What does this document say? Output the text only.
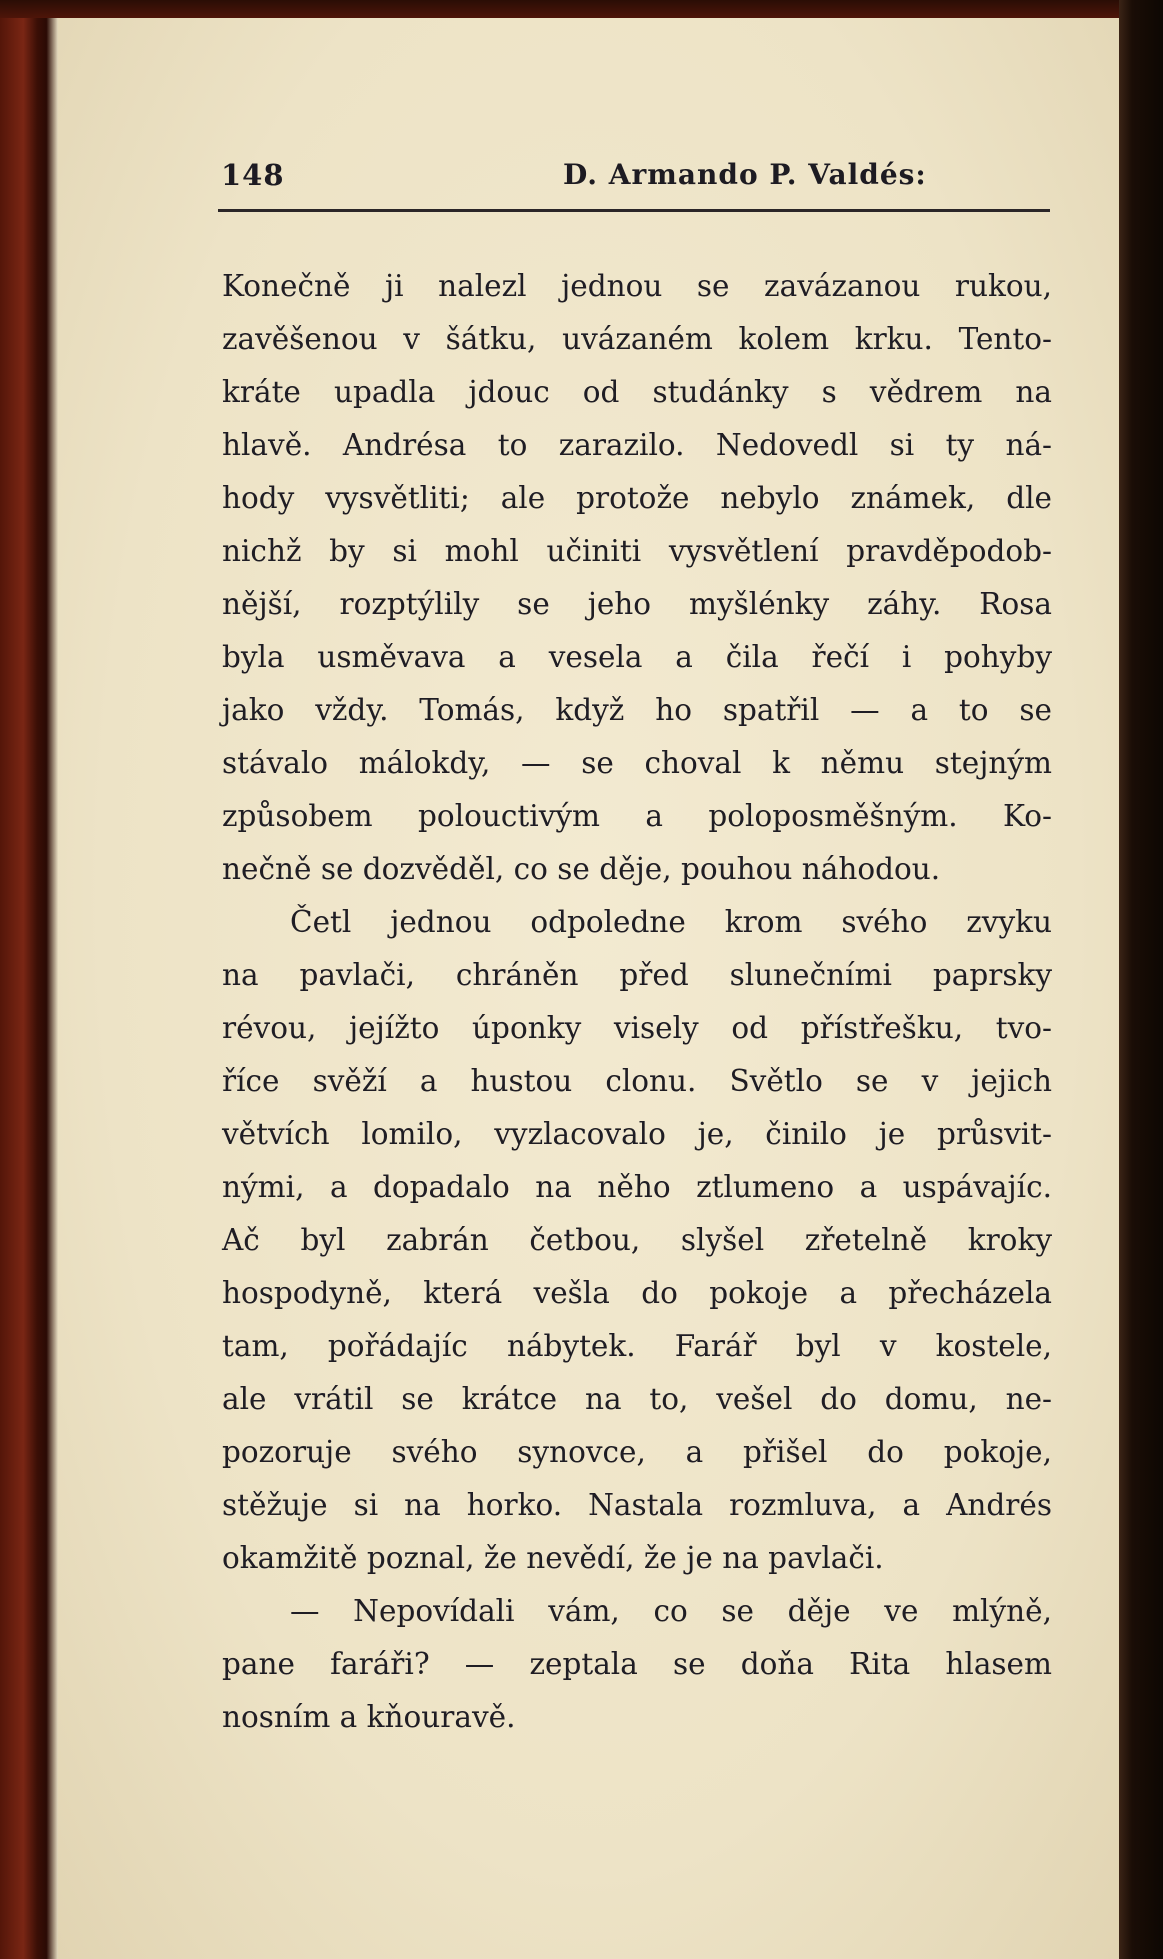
148	D. Armando P. Valdés:
Konečně ji nalezl jednou se zavázanou rukou,
zavěšenou v šátku, uvázaném kolem krku. Tento-
kráte upadla jdouc od studánky s vědrem na
hlavě. Andrésa to zarazilo. Nedovedl si ty ná-
hody vysvětliti; ale protože nebylo známek, dle
nichž by si mohl učiniti vysvětlení pravděpodob-
nější, rozptýlily se jeho myšlénky záhy. Rosa
byla usměvava a vesela a čila řečí i pohyby
jako vždy. Tomás, když ho spatřil — a to se
stávalo málokdy, — se choval k němu stejným
způsobem polouctivým a poloposměšným. Ko-
nečně se dozvěděl, co se děje, pouhou náhodou.
Četl jednou odpoledne krom svého zvyku
na pavlači, chráněn před slunečními paprsky
révou, jejížto úponky visely od přístřešku, tvo-
říce svěží a hustou clonu. Světlo se v jejich
větvích lomilo, vyzlacovalo je, činilo je průsvit-
nými, a dopadalo na něho ztlumeno a uspávajíc.
Ač byl zabrán četbou, slyšel zřetelně kroky
hospodyně, která vešla do pokoje a přecházela
tam, pořádajíc nábytek. Farář byl v kostele,
ale vrátil se krátce na to, vešel do domu, ne-
pozoruje svého synovce, a přišel do pokoje,
stěžuje si na horko. Nastala rozmluva, a Andrés
okamžitě poznal, že nevědí, že je na pavlači.
— Nepovídali vám, co se děje ve mlýně,
pane faráři? — zeptala se doňa Rita hlasem
nosním a kňouravě.
